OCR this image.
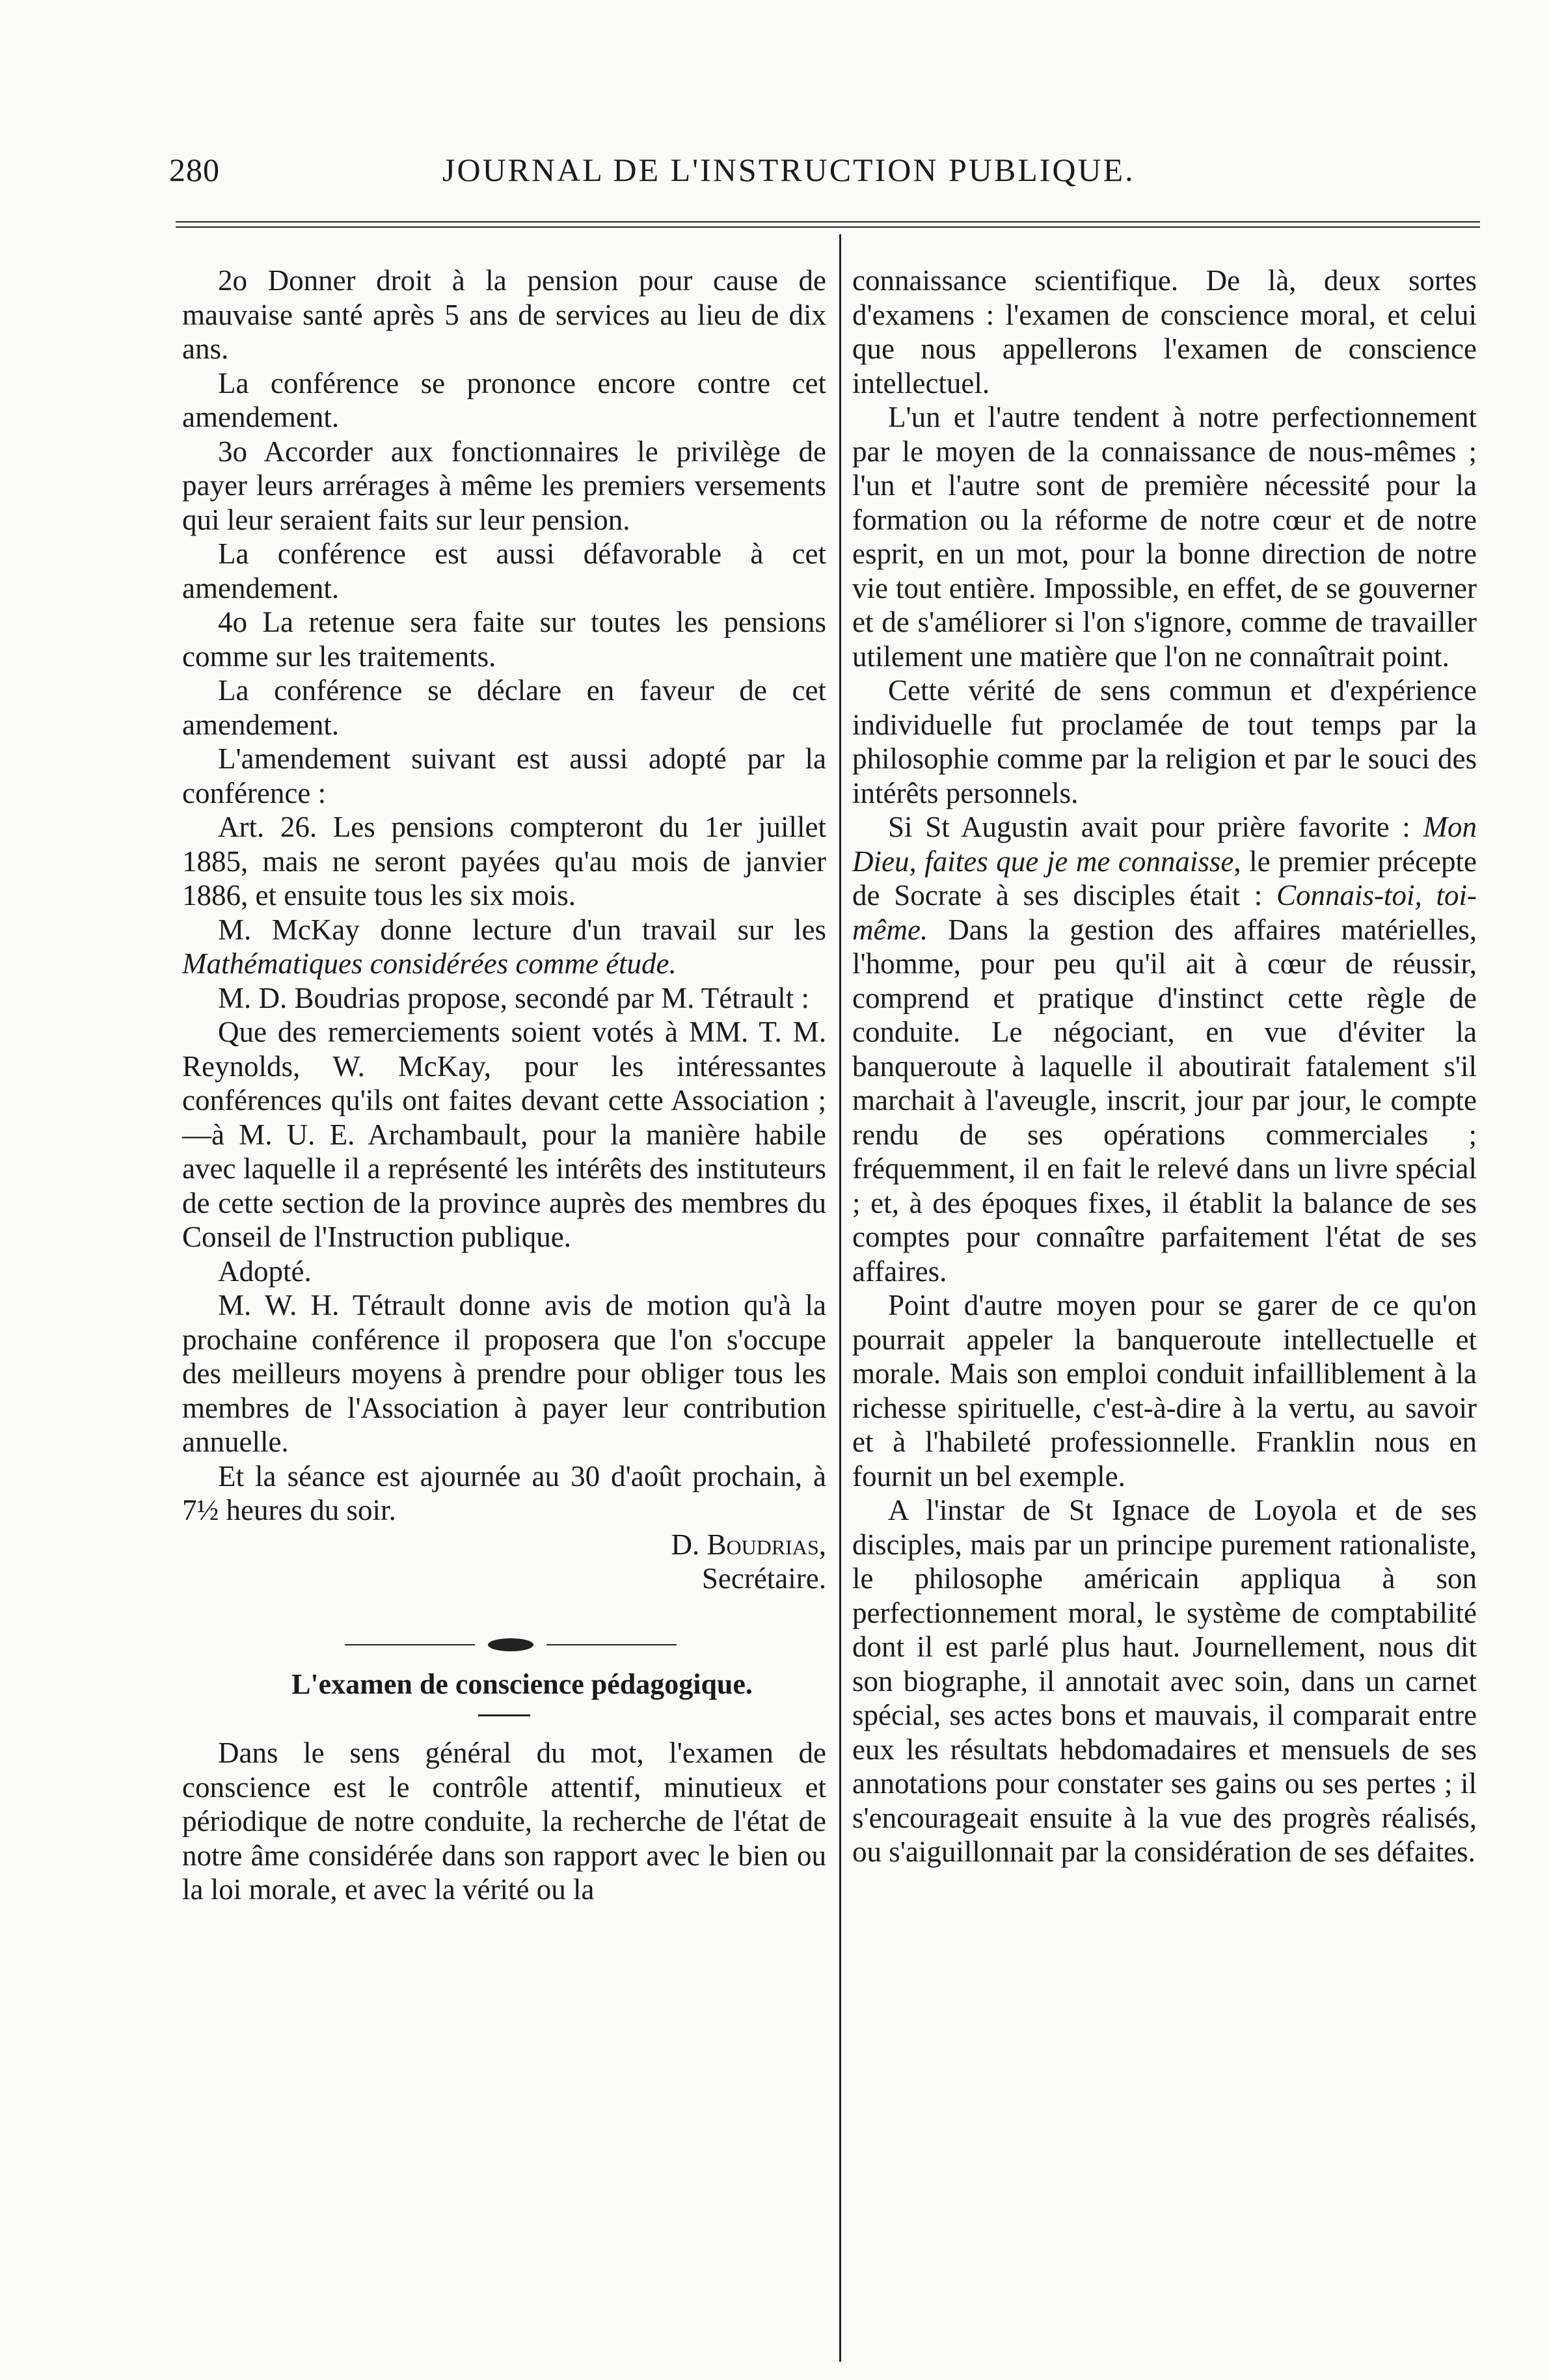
280	JOURNAL DE L'INSTRUCTION PUBLIQUE.

2o Donner droit à la pension pour cause de mauvaise santé après 5 ans de services au lieu de dix ans.

La conférence se prononce encore contre cet amendement.

3o Accorder aux fonctionnaires le privilège de payer leurs arrérages à même les premiers versements qui leur seraient faits sur leur pension.

La conférence est aussi défavorable à cet amendement.

4o La retenue sera faite sur toutes les pensions comme sur les traitements.

La conférence se déclare en faveur de cet amendement.

L'amendement suivant est aussi adopté par la conférence :

Art. 26. Les pensions compteront du 1er juillet 1885, mais ne seront payées qu'au mois de janvier 1886, et ensuite tous les six mois.

M. McKay donne lecture d'un travail sur les Mathématiques considérées comme étude.

M. D. Boudrias propose, secondé par M. Tétrault :

Que des remerciements soient votés à MM. T. M. Reynolds, W. McKay, pour les intéressantes conférences qu'ils ont faites devant cette Association ;—à M. U. E. Archambault, pour la manière habile avec laquelle il a représenté les intérêts des instituteurs de cette section de la province auprès des membres du Conseil de l'Instruction publique.

Adopté.

M. W. H. Tétrault donne avis de motion qu'à la prochaine conférence il proposera que l'on s'occupe des meilleurs moyens à prendre pour obliger tous les membres de l'Association à payer leur contribution annuelle.

Et la séance est ajournée au 30 d'août prochain, à 7½ heures du soir.

D. Boudrias,

Secrétaire.

L'examen de conscience pédagogique.

Dans le sens général du mot, l'examen de conscience est le contrôle attentif, minutieux et périodique de notre conduite, la recherche de l'état de notre âme considérée dans son rapport avec le bien ou la loi morale, et avec la vérité ou la

connaissance scientifique. De là, deux sortes d'examens : l'examen de conscience moral, et celui que nous appellerons l'examen de conscience intellectuel.

L'un et l'autre tendent à notre perfectionnement par le moyen de la connaissance de nous-mêmes ; l'un et l'autre sont de première nécessité pour la formation ou la réforme de notre cœur et de notre esprit, en un mot, pour la bonne direction de notre vie tout entière. Impossible, en effet, de se gouverner et de s'améliorer si l'on s'ignore, comme de travailler utilement une matière que l'on ne connaîtrait point.

Cette vérité de sens commun et d'expérience individuelle fut proclamée de tout temps par la philosophie comme par la religion et par le souci des intérêts personnels.

Si St Augustin avait pour prière favorite : Mon Dieu, faites que je me connaisse, le premier précepte de Socrate à ses disciples était : Connais-toi, toi-même. Dans la gestion des affaires matérielles, l'homme, pour peu qu'il ait à cœur de réussir, comprend et pratique d'instinct cette règle de conduite. Le négociant, en vue d'éviter la banqueroute à laquelle il aboutirait fatalement s'il marchait à l'aveugle, inscrit, jour par jour, le compte rendu de ses opérations commerciales ; fréquemment, il en fait le relevé dans un livre spécial ; et, à des époques fixes, il établit la balance de ses comptes pour connaître parfaitement l'état de ses affaires.

Point d'autre moyen pour se garer de ce qu'on pourrait appeler la banqueroute intellectuelle et morale. Mais son emploi conduit infailliblement à la richesse spirituelle, c'est-à-dire à la vertu, au savoir et à l'habileté professionnelle. Franklin nous en fournit un bel exemple.

A l'instar de St Ignace de Loyola et de ses disciples, mais par un principe purement rationaliste, le philosophe américain appliqua à son perfectionnement moral, le système de comptabilité dont il est parlé plus haut. Journellement, nous dit son biographe, il annotait avec soin, dans un carnet spécial, ses actes bons et mauvais, il comparait entre eux les résultats hebdomadaires et mensuels de ses annotations pour constater ses gains ou ses pertes ; il s'encourageait ensuite à la vue des progrès réalisés, ou s'aiguillonnait par la considération de ses défaites.
